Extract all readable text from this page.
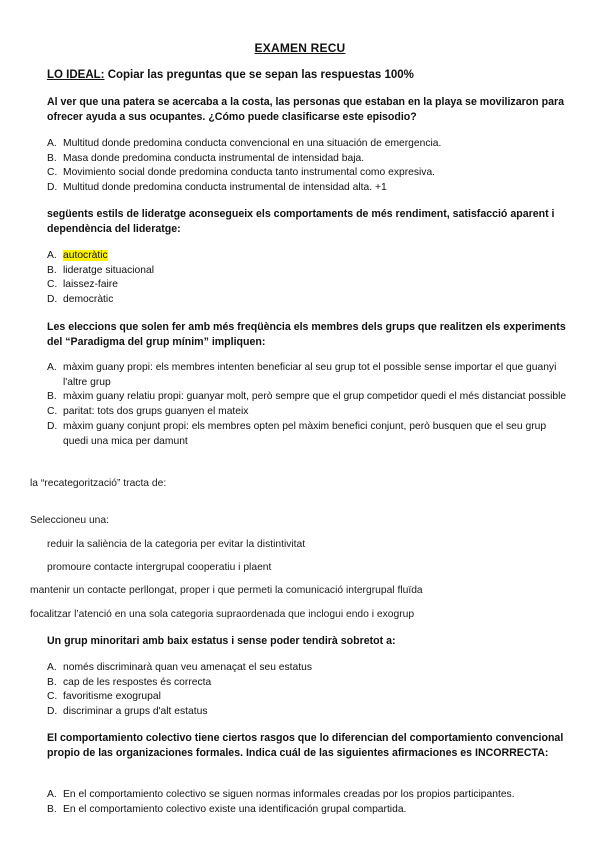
EXAMEN RECU
LO IDEAL: Copiar las preguntas que se sepan las respuestas 100%
Al ver que una patera se acercaba a la costa, las personas que estaban en la playa se movilizaron para ofrecer ayuda a sus ocupantes. ¿Cómo puede clasificarse este episodio?
A. Multitud donde predomina conducta convencional en una situación de emergencia.
B. Masa donde predomina conducta instrumental de intensidad baja.
C. Movimiento social donde predomina conducta tanto instrumental como expresiva.
D. Multitud donde predomina conducta instrumental de intensidad alta. +1
següents estils de lideratge aconsegueix els comportaments de més rendiment, satisfacció aparent i dependència del lideratge:
A. autocràtic
B. lideratge situacional
C. laissez-faire
D. democràtic
Les eleccions que solen fer amb més freqüència els membres dels grups que realitzen els experiments del “Paradigma del grup mínim” impliquen:
A. màxim guany propi: els membres intenten beneficiar al seu grup tot el possible sense importar el que guanyi l'altre grup
B. màxim guany relatiu propi: guanyar molt, però sempre que el grup competidor quedi el més distanciat possible
C. paritat: tots dos grups guanyen el mateix
D. màxim guany conjunt propi: els membres opten pel màxim benefici conjunt, però busquen que el seu grup quedi una mica per damunt
la “recategorització” tracta de:
Seleccioneu una:
reduir la saliència de la categoria per evitar la distintivitat
promoure contacte intergrupal cooperatiu i plaent
mantenir un contacte perllongat, proper i que permeti la comunicació intergrupal fluïda
focalitzar l’atenció en una sola categoria supraordenada que inclogui endo i exogrup
Un grup minoritari amb baix estatus i sense poder tendirà sobretot a:
A. només discriminarà quan veu amenaçat el seu estatus
B. cap de les respostes és correcta
C. favoritisme exogrupal
D. discriminar a grups d'alt estatus
El comportamiento colectivo tiene ciertos rasgos que lo diferencian del comportamiento convencional propio de las organizaciones formales. Indica cuál de las siguientes afirmaciones es INCORRECTA:
A. En el comportamiento colectivo se siguen normas informales creadas por los propios participantes.
B. En el comportamiento colectivo existe una identificación grupal compartida.
